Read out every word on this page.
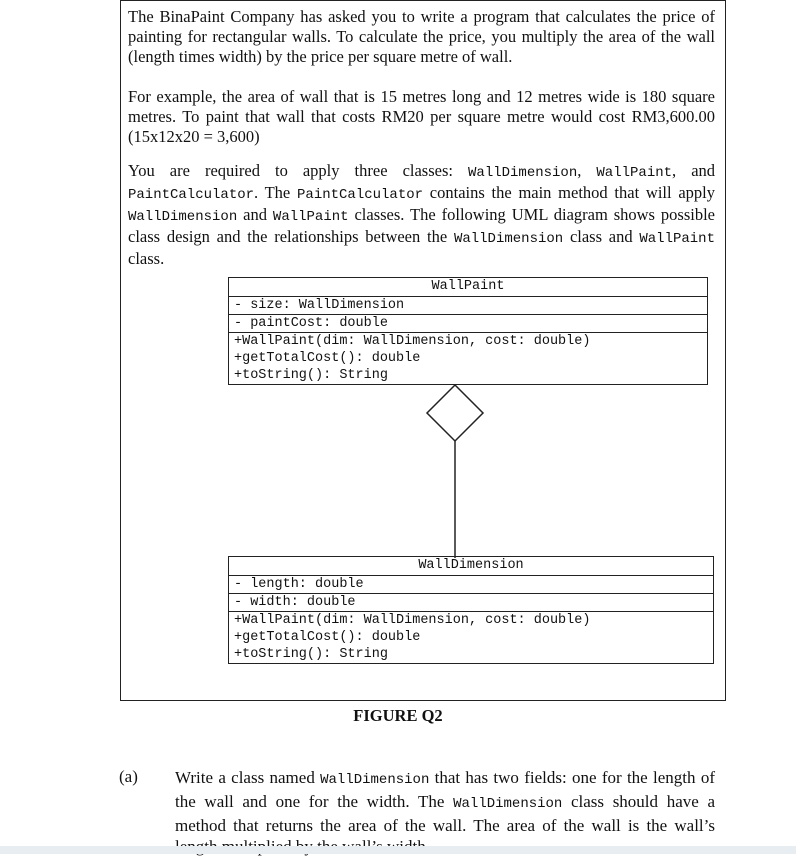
The BinaPaint Company has asked you to write a program that calculates the price of painting for rectangular walls. To calculate the price, you multiply the area of the wall (length times width) by the price per square metre of wall.

For example, the area of wall that is 15 metres long and 12 metres wide is 180 square metres. To paint that wall that costs RM20 per square metre would cost RM3,600.00 (15x12x20 = 3,600)

You are required to apply three classes: WallDimension, WallPaint, and PaintCalculator. The PaintCalculator contains the main method that will apply WallDimension and WallPaint classes. The following UML diagram shows possible class design and the relationships between the WallDimension class and WallPaint class.

WallPaint
- size: WallDimension
- paintCost: double
+WallPaint(dim: WallDimension, cost: double)
+getTotalCost(): double
+toString(): String
WallDimension
- length: double
- width: double
+WallPaint(dim: WallDimension, cost: double)
+getTotalCost(): double
+toString(): String
FIGURE Q2
(a) Write a class named WallDimension that has two fields: one for the length of the wall and one for the width. The WallDimension class should have a method that returns the area of the wall. The area of the wall is the wall’s
